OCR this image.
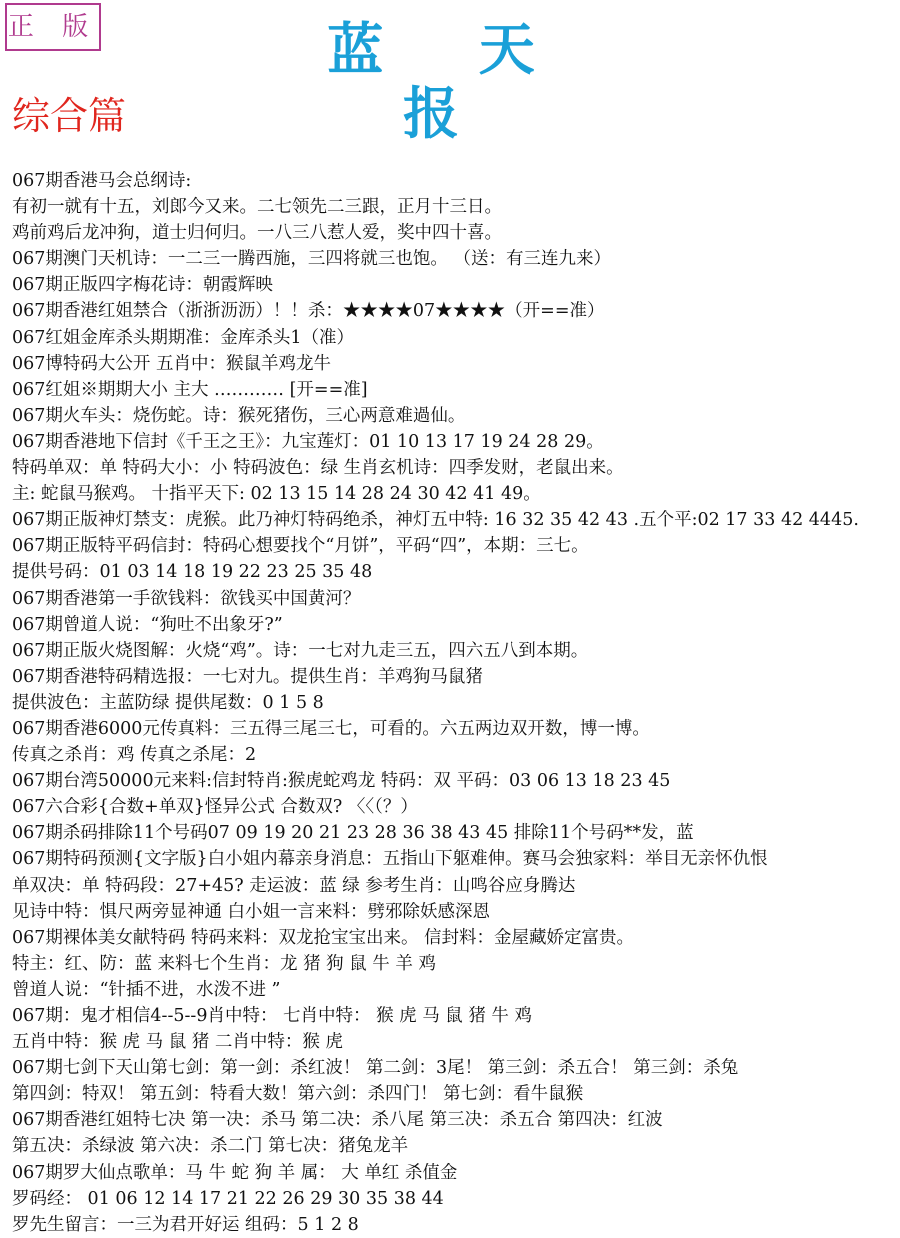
正 版	蓝 天 报
综合篇
067期香港马会总纲诗:
有初一就有十五，刘郎今又来。二七领先二三跟，正月十三日。
鸡前鸡后龙冲狗，道士归何归。一八三八惹人爱，奖中四十喜。
067期澳门天机诗：一二三一腾西施，三四将就三也饱。 （送：有三连九来）
067期正版四字梅花诗：朝霞辉映
067期香港红姐禁合（浙浙沥沥）！！杀：★★★★07★★★★（开==准）
067红姐金库杀头期期准：金库杀头1（准）
067博特码大公开 五肖中：猴鼠羊鸡龙牛
067红姐※期期大小 主大 ………… [开==准]
067期火车头：烧伤蛇。诗：猴死猪伤，三心两意难過仙。
067期香港地下信封《千王之王》：九宝莲灯：01 10 13 17 19 24 28 29。
特码单双：单 特码大小：小 特码波色：绿 生肖玄机诗：四季发财，老鼠出来。
主: 蛇鼠马猴鸡。 十指平天下: 02 13 15 14 28 24 30 42 41 49。
067期正版神灯禁支：虎猴。此乃神灯特码绝杀，神灯五中特: 16 32 35 42 43 .五个平:02 17 33 42 4445.
067期正版特平码信封：特码心想要找个“月饼”，平码“四”，本期：三七。
提供号码：01 03 14 18 19 22 23 25 35 48
067期香港第一手欲钱料：欲钱买中国黄河？
067期曾道人说：“狗吐不出象牙?”
067期正版火烧图解：火烧“鸡”。诗：一七对九走三五，四六五八到本期。
067期香港特码精选报：一七对九。提供生肖：羊鸡狗马鼠猪
提供波色：主蓝防绿 提供尾数：0 1 5 8
067期香港6000元传真料：三五得三尾三七，可看的。六五两边双开数，博一博。
传真之杀肖：鸡 传真之杀尾：2
067期台湾50000元来料:信封特肖:猴虎蛇鸡龙 特码：双 平码：03 06 13 18 23 45
067六合彩{合数+单双}怪异公式 合数双? 〈〈（？）
067期杀码排除11个号码07 09 19 20 21 23 28 36 38 43 45 排除11个号码**发，蓝
067期特码预测{文字版}白小姐内幕亲身消息：五指山下躯难伸。赛马会独家料：举目无亲怀仇恨
单双决：单 特码段：27+45? 走运波：蓝 绿 参考生肖：山鸣谷应身腾达
见诗中特：惧尺两旁显神通 白小姐一言来料：劈邪除妖感深恩
067期裸体美女献特码 特码来料：双龙抢宝宝出来。 信封料：金屋藏娇定富贵。
特主：红、防：蓝 来料七个生肖：龙 猪 狗 鼠 牛 羊 鸡
曾道人说：“针插不进，水泼不进 ”
067期：鬼才相信4--5--9肖中特： 七肖中特： 猴 虎 马 鼠 猪 牛 鸡
五肖中特：猴 虎 马 鼠 猪 二肖中特：猴 虎
067期七剑下天山第七剑：第一剑：杀红波！ 第二剑：3尾！ 第三剑：杀五合！ 第三剑：杀兔
第四剑：特双！ 第五剑：特看大数！第六剑：杀四门！ 第七剑：看牛鼠猴
067期香港红姐特七决 第一决：杀马 第二决：杀八尾 第三决：杀五合 第四决：红波
第五决：杀绿波 第六决：杀二门 第七决：猪兔龙羊
067期罗大仙点歌单：马 牛 蛇 狗 羊 属： 大 单红 杀值金
罗码经： 01 06 12 14 17 21 22 26 29 30 35 38 44
罗先生留言：一三为君开好运 组码：5 1 2 8
